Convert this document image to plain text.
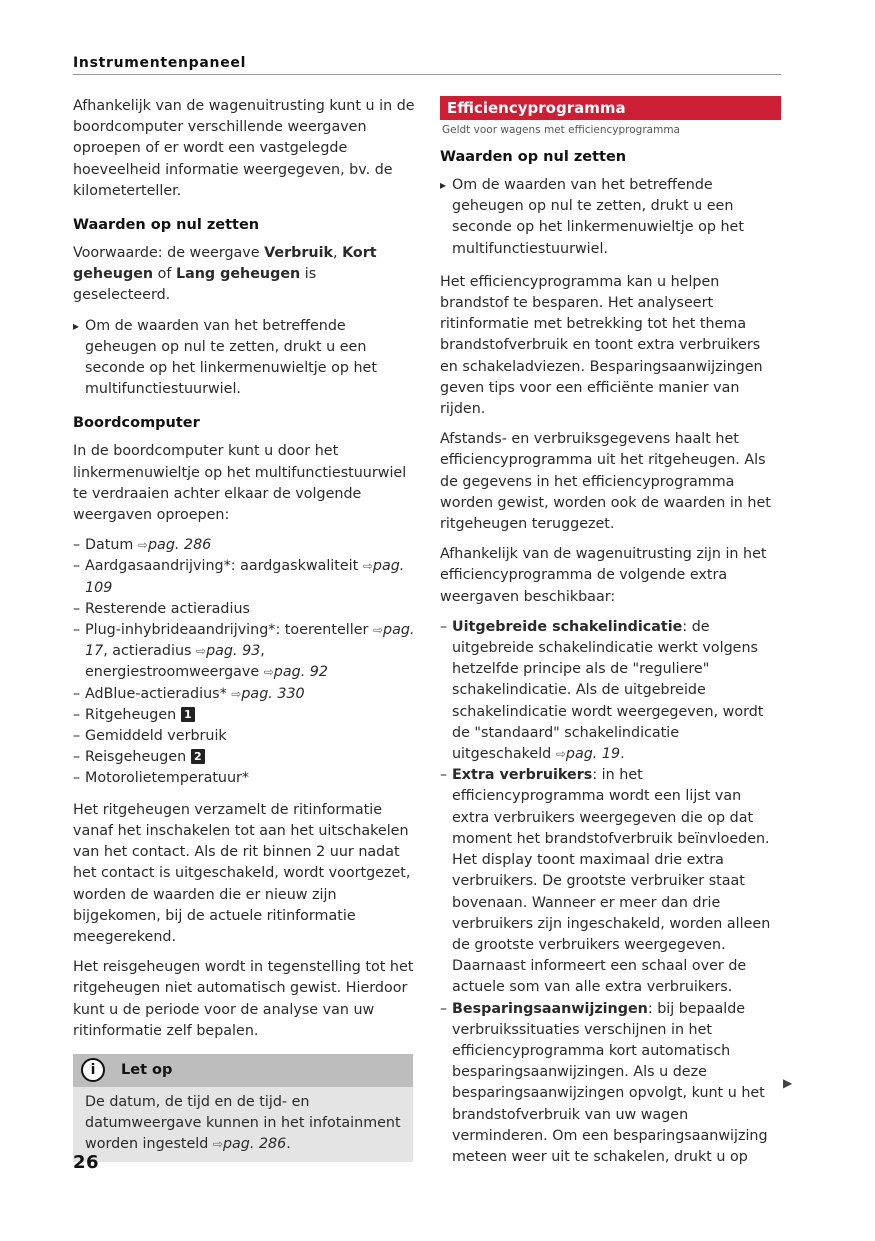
Instrumentenpaneel

Afhankelijk van de wagenuitrusting kunt u in de boordcomputer verschillende weergaven oproepen of er wordt een vastgelegde hoeveelheid informatie weergegeven, bv. de kilometerteller.

Waarden op nul zetten

Voorwaarde: de weergave Verbruik, Kort geheugen of Lang geheugen is geselecteerd.

▸ Om de waarden van het betreffende geheugen op nul te zetten, drukt u een seconde op het linkermenuwieltje op het multifunctiestuurwiel.
Boordcomputer

In de boordcomputer kunt u door het linkermenuwieltje op het multifunctiestuurwiel te verdraaien achter elkaar de volgende weergaven oproepen:

– Datum ⇨pag. 286
– Aardgasaandrijving*: aardgaskwaliteit ⇨pag. 109
– Resterende actieradius
– Plug-inhybrideaandrijving*: toerenteller ⇨pag. 17, actieradius ⇨pag. 93, energiestroomweergave ⇨pag. 92
– AdBlue-actieradius* ⇨pag. 330
– Ritgeheugen 1
– Gemiddeld verbruik
– Reisgeheugen 2
– Motorolietemperatuur*

Het ritgeheugen verzamelt de ritinformatie vanaf het inschakelen tot aan het uitschakelen van het contact. Als de rit binnen 2 uur nadat het contact is uitgeschakeld, wordt voortgezet, worden de waarden die er nieuw zijn bijgekomen, bij de actuele ritinformatie meegerekend.

Het reisgeheugen wordt in tegenstelling tot het ritgeheugen niet automatisch gewist. Hierdoor kunt u de periode voor de analyse van uw ritinformatie zelf bepalen.

i	Let op
De datum, de tijd en de tijd- en datumweergave kunnen in het infotainment worden ingesteld ⇨pag. 286.
Efficiencyprogramma
Geldt voor wagens met efficiencyprogramma
Waarden op nul zetten
▸ Om de waarden van het betreffende geheugen op nul te zetten, drukt u een seconde op het linkermenuwieltje op het multifunctiestuurwiel.

Het efficiencyprogramma kan u helpen brandstof te besparen. Het analyseert ritinformatie met betrekking tot het thema brandstofverbruik en toont extra verbruikers en schakeladviezen. Besparingsaanwijzingen geven tips voor een efficiënte manier van rijden.

Afstands- en verbruiksgegevens haalt het efficiencyprogramma uit het ritgeheugen. Als de gegevens in het efficiencyprogramma worden gewist, worden ook de waarden in het ritgeheugen teruggezet.

Afhankelijk van de wagenuitrusting zijn in het efficiencyprogramma de volgende extra weergaven beschikbaar:

– Uitgebreide schakelindicatie: de uitgebreide schakelindicatie werkt volgens hetzelfde principe als de "reguliere" schakelindicatie. Als de uitgebreide schakelindicatie wordt weergegeven, wordt de "standaard" schakelindicatie uitgeschakeld ⇨pag. 19.
– Extra verbruikers: in het efficiencyprogramma wordt een lijst van extra verbruikers weergegeven die op dat moment het brandstofverbruik beïnvloeden. Het display toont maximaal drie extra verbruikers. De grootste verbruiker staat bovenaan. Wanneer er meer dan drie verbruikers zijn ingeschakeld, worden alleen de grootste verbruikers weergegeven. Daarnaast informeert een schaal over de actuele som van alle extra verbruikers.
– Besparingsaanwijzingen: bij bepaalde verbruikssituaties verschijnen in het efficiencyprogramma kort automatisch besparingsaanwijzingen. Als u deze besparingsaanwijzingen opvolgt, kunt u het brandstofverbruik van uw wagen verminderen. Om een besparingsaanwijzing meteen weer uit te schakelen, drukt u op
▶
26
